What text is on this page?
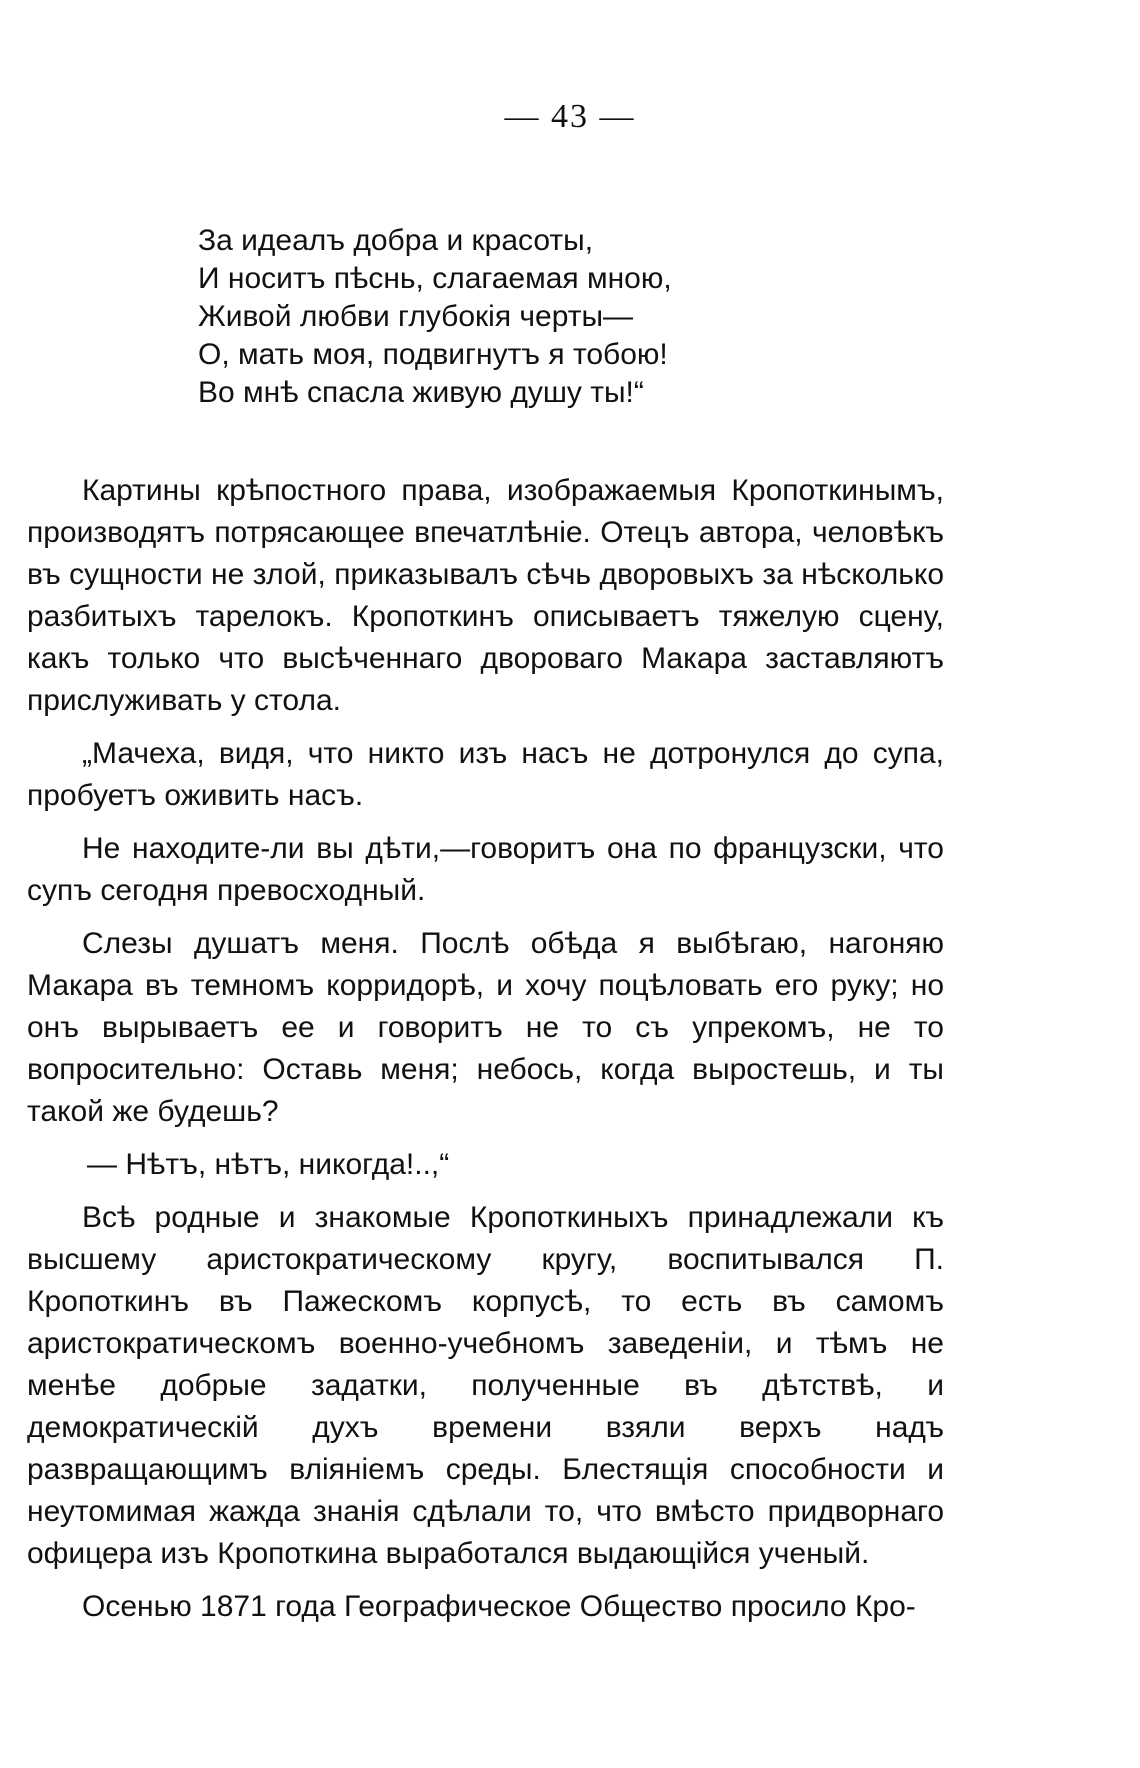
— 43 —
За идеалъ добра и красоты,
И носитъ пѣснь, слагаемая мною,
Живой любви глубокія черты—
О, мать моя, подвигнутъ я тобою!
Во мнѣ спасла живую душу ты!“

Картины крѣпостного права, изображаемыя Кропоткинымъ, производятъ потрясающее впечатлѣніе. Отецъ автора, человѣкъ въ сущности не злой, приказывалъ сѣчь дворовыхъ за нѣсколько разбитыхъ тарелокъ. Кропоткинъ описываетъ тяжелую сцену, какъ только что высѣченнаго двороваго Макара заставляютъ прислуживать у стола.

„Мачеха, видя, что никто изъ насъ не дотронулся до супа, пробуетъ оживить насъ.

Не находите-ли вы дѣти,—говоритъ она по французски, что супъ сегодня превосходный.

Слезы душатъ меня. Послѣ обѣда я выбѣгаю, нагоняю Макара въ темномъ корридорѣ, и хочу поцѣловать его руку; но онъ вырываетъ ее и говоритъ не то съ упрекомъ, не то вопросительно: Оставь меня; небось, когда выростешь, и ты такой же будешь?

— Нѣтъ, нѣтъ, никогда!..,“

Всѣ родные и знакомые Кропоткиныхъ принадлежали къ высшему аристократическому кругу, воспитывался П. Кропоткинъ въ Пажескомъ корпусѣ, то есть въ самомъ аристократическомъ военно-учебномъ заведеніи, и тѣмъ не менѣе добрые задатки, полученные въ дѣтствѣ, и демократическій духъ времени взяли верхъ надъ развращающимъ вліяніемъ среды. Блестящія способности и неутомимая жажда знанія сдѣлали то, что вмѣсто придворнаго офицера изъ Кропоткина выработался выдающійся ученый.

Осенью 1871 года Географическое Общество просило Кро-
